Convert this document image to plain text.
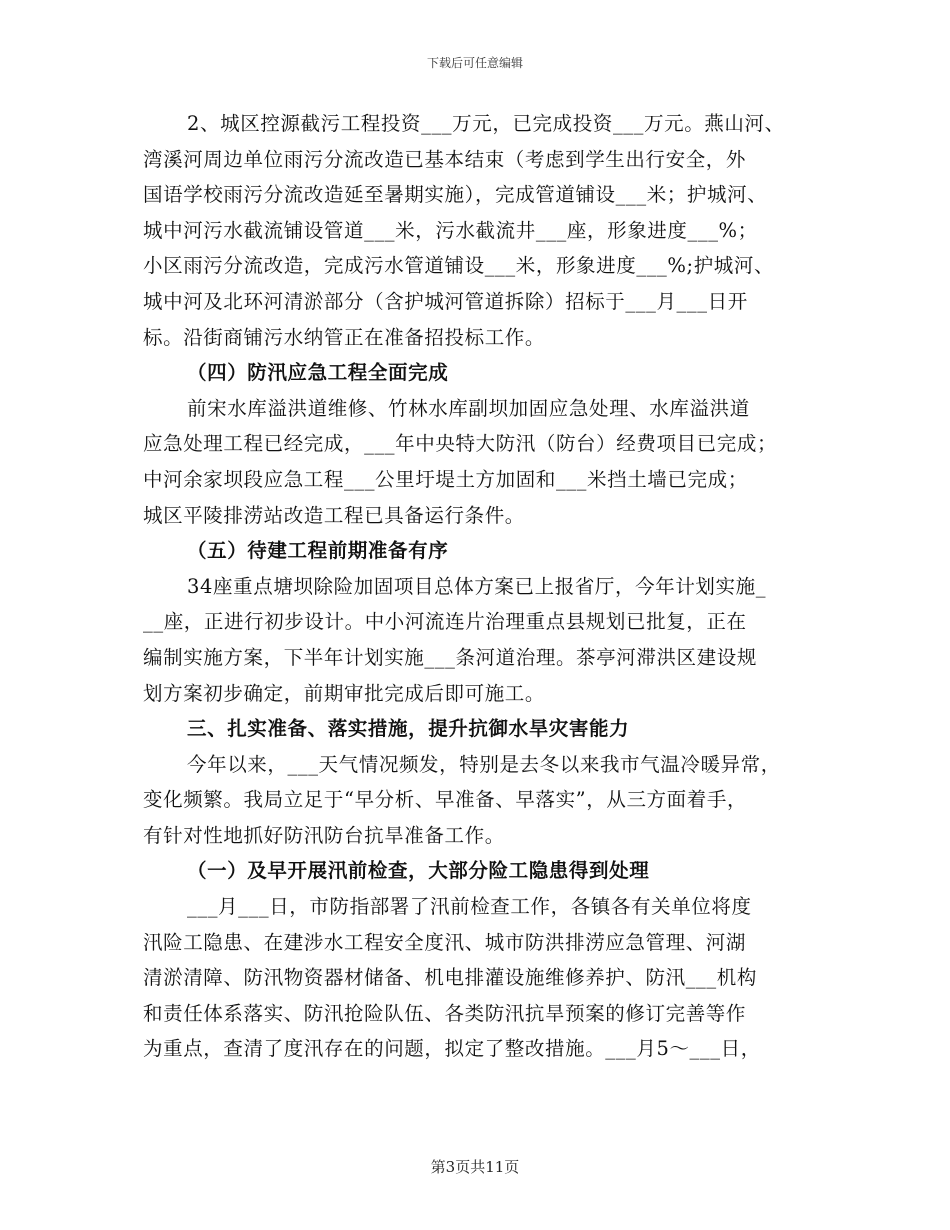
下载后可任意编辑
2、城区控源截污工程投资___万元，已完成投资___万元。燕山河、
湾溪河周边单位雨污分流改造已基本结束（考虑到学生出行安全，外
国语学校雨污分流改造延至暑期实施），完成管道铺设___米；护城河、
城中河污水截流铺设管道___米，污水截流井___座，形象进度___%；
小区雨污分流改造，完成污水管道铺设___米，形象进度___%;护城河、
城中河及北环河清淤部分（含护城河管道拆除）招标于___月___日开
标。沿街商铺污水纳管正在准备招投标工作。
（四）防汛应急工程全面完成
前宋水库溢洪道维修、竹林水库副坝加固应急处理、水库溢洪道
应急处理工程已经完成，___年中央特大防汛（防台）经费项目已完成；
中河余家坝段应急工程___公里圩堤土方加固和___米挡土墙已完成；
城区平陵排涝站改造工程已具备运行条件。
（五）待建工程前期准备有序
34座重点塘坝除险加固项目总体方案已上报省厅，今年计划实施_
__座，正进行初步设计。中小河流连片治理重点县规划已批复，正在
编制实施方案，下半年计划实施___条河道治理。茶亭河滞洪区建设规
划方案初步确定，前期审批完成后即可施工。
三、扎实准备、落实措施，提升抗御水旱灾害能力
今年以来，___天气情况频发，特别是去冬以来我市气温冷暖异常，
变化频繁。我局立足于“早分析、早准备、早落实”，从三方面着手，
有针对性地抓好防汛防台抗旱准备工作。
（一）及早开展汛前检查，大部分险工隐患得到处理
___月___日，市防指部署了汛前检查工作，各镇各有关单位将度
汛险工隐患、在建涉水工程安全度汛、城市防洪排涝应急管理、河湖
清淤清障、防汛物资器材储备、机电排灌设施维修养护、防汛___机构
和责任体系落实、防汛抢险队伍、各类防汛抗旱预案的修订完善等作
为重点，查清了度汛存在的问题，拟定了整改措施。___月5～___日，
第3页共11页
